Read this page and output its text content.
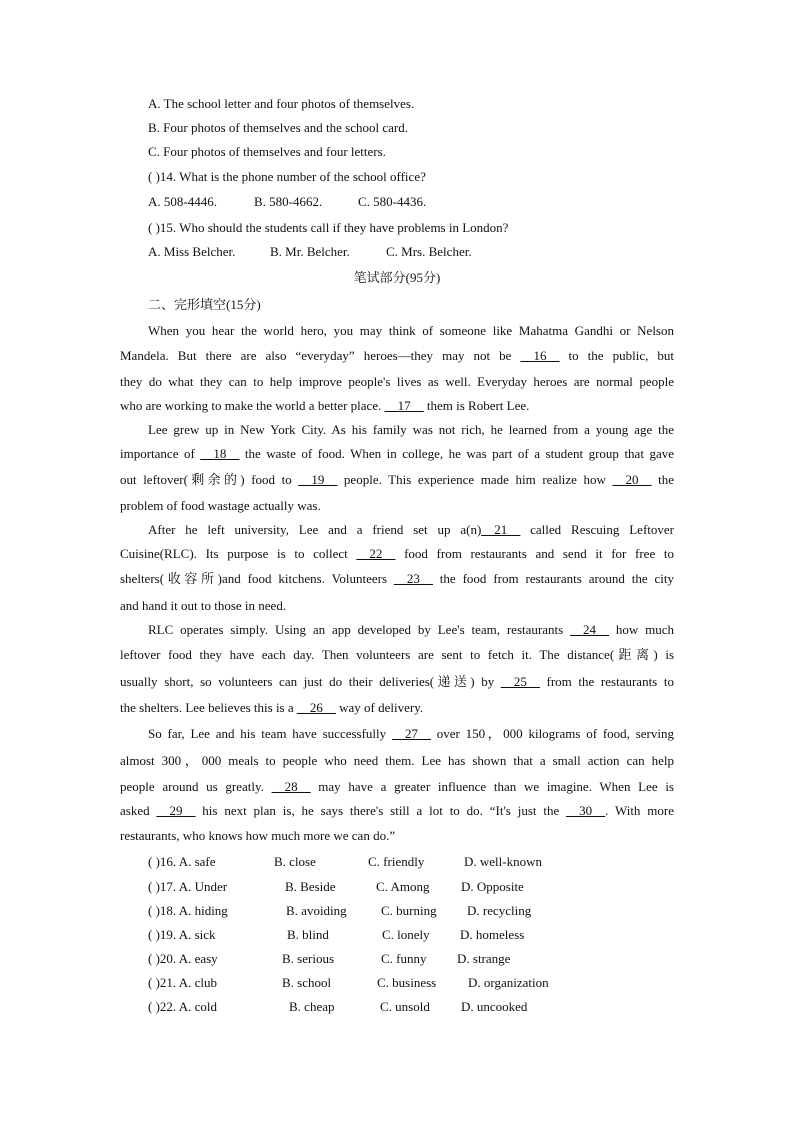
A. The school letter and four photos of themselves.
B. Four photos of themselves and the school card.
C. Four photos of themselves and four letters.
( )14. What is the phone number of the school office?
A. 508-4446.	B. 580-4662.	C. 580-4436.
( )15. Who should the students call if they have problems in London?
A. Miss Belcher.	B. Mr. Belcher.	C. Mrs. Belcher.
笔试部分(95分)
二、完形填空(15分)
When you hear the world hero, you may think of someone like Mahatma Gandhi or Nelson
Mandela. But there are also “everyday” heroes—they may not be __16__ to the public, but
they do what they can to help improve people's lives as well. Everyday heroes are normal people
who are working to make the world a better place. __17__ them is Robert Lee.
Lee grew up in New York City. As his family was not rich, he learned from a young age the
importance of __18__ the waste of food. When in college, he was part of a student group that gave
out leftover(剩余的) food to __19__ people. This experience made him realize how __20__ the
problem of food wastage actually was.
After he left university, Lee and a friend set up a(n)__21__ called Rescuing Leftover
Cuisine(RLC). Its purpose is to collect __22__ food from restaurants and send it for free to
shelters(收容所)and food kitchens. Volunteers __23__ the food from restaurants around the city
and hand it out to those in need.
RLC operates simply. Using an app developed by Lee's team, restaurants __24__ how much
leftover food they have each day. Then volunteers are sent to fetch it. The distance(距离) is
usually short, so volunteers can just do their deliveries(递送) by __25__ from the restaurants to
the shelters. Lee believes this is a __26__ way of delivery.
So far, Lee and his team have successfully __27__ over 150，000 kilograms of food, serving
almost 300，000 meals to people who need them. Lee has shown that a small action can help
people around us greatly. __28__ may have a greater influence than we imagine. When Lee is
asked __29__ his next plan is, he says there's still a lot to do. “It's just the __30__. With more
restaurants, who knows how much more we can do.”
( )16. A. safe	B. close	C. friendly	D. well-known
( )17. A. Under	B. Beside	C. Among D. Opposite
( )18. A. hiding	B. avoiding	C. burning D. recycling
( )19. A. sick	B. blind	C. lonely D. homeless
( )20. A. easy	B. serious	C. funny D. strange
( )21. A. club	B. school	C. business D. organization
( )22. A. cold	B. cheap	C. unsold D. uncooked
